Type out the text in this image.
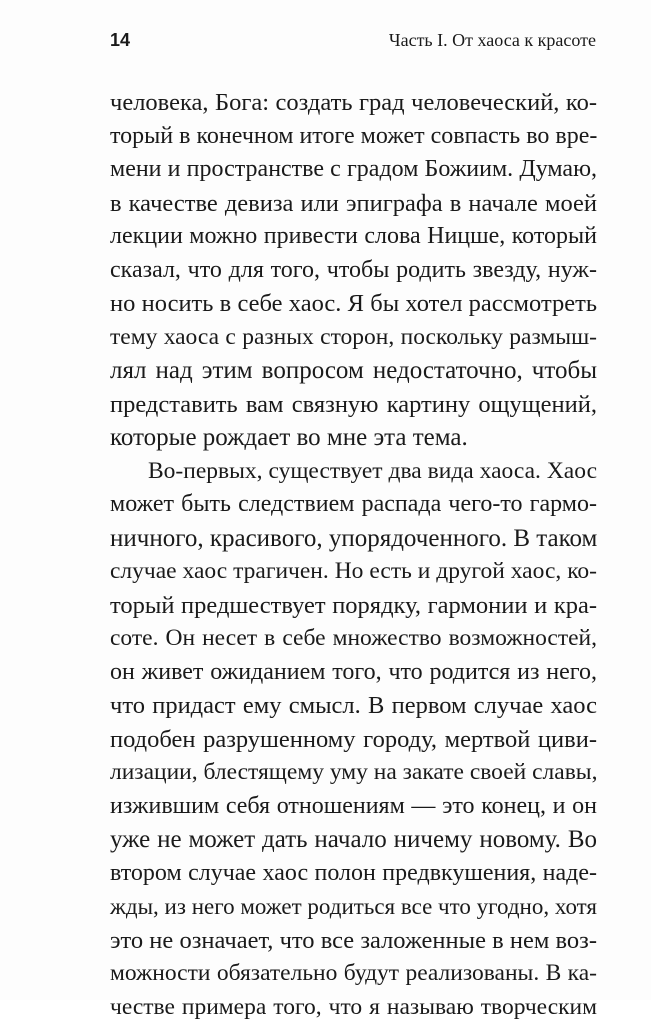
14	Часть I. От хаоса к красоте
человека, Бога: создать град человеческий, ко-
торый в конечном итоге может совпасть во вре-
мени и пространстве с градом Божиим. Думаю,
в качестве девиза или эпиграфа в начале моей
лекции можно привести слова Ницше, который
сказал, что для того, чтобы родить звезду, нуж-
но носить в себе хаос. Я бы хотел рассмотреть
тему хаоса с разных сторон, поскольку размыш-
лял над этим вопросом недостаточно, чтобы
представить вам связную картину ощущений,
которые рождает во мне эта тема.
Во-первых, существует два вида хаоса. Хаос
может быть следствием распада чего-то гармо-
ничного, красивого, упорядоченного. В таком
случае хаос трагичен. Но есть и другой хаос, ко-
торый предшествует порядку, гармонии и кра-
соте. Он несет в себе множество возможностей,
он живет ожиданием того, что родится из него,
что придаст ему смысл. В первом случае хаос
подобен разрушенному городу, мертвой циви-
лизации, блестящему уму на закате своей славы,
изжившим себя отношениям — это конец, и он
уже не может дать начало ничему новому. Во
втором случае хаос полон предвкушения, наде-
жды, из него может родиться все что угодно, хотя
это не означает, что все заложенные в нем воз-
можности обязательно будут реализованы. В ка-
честве примера того, что я называю творческим
